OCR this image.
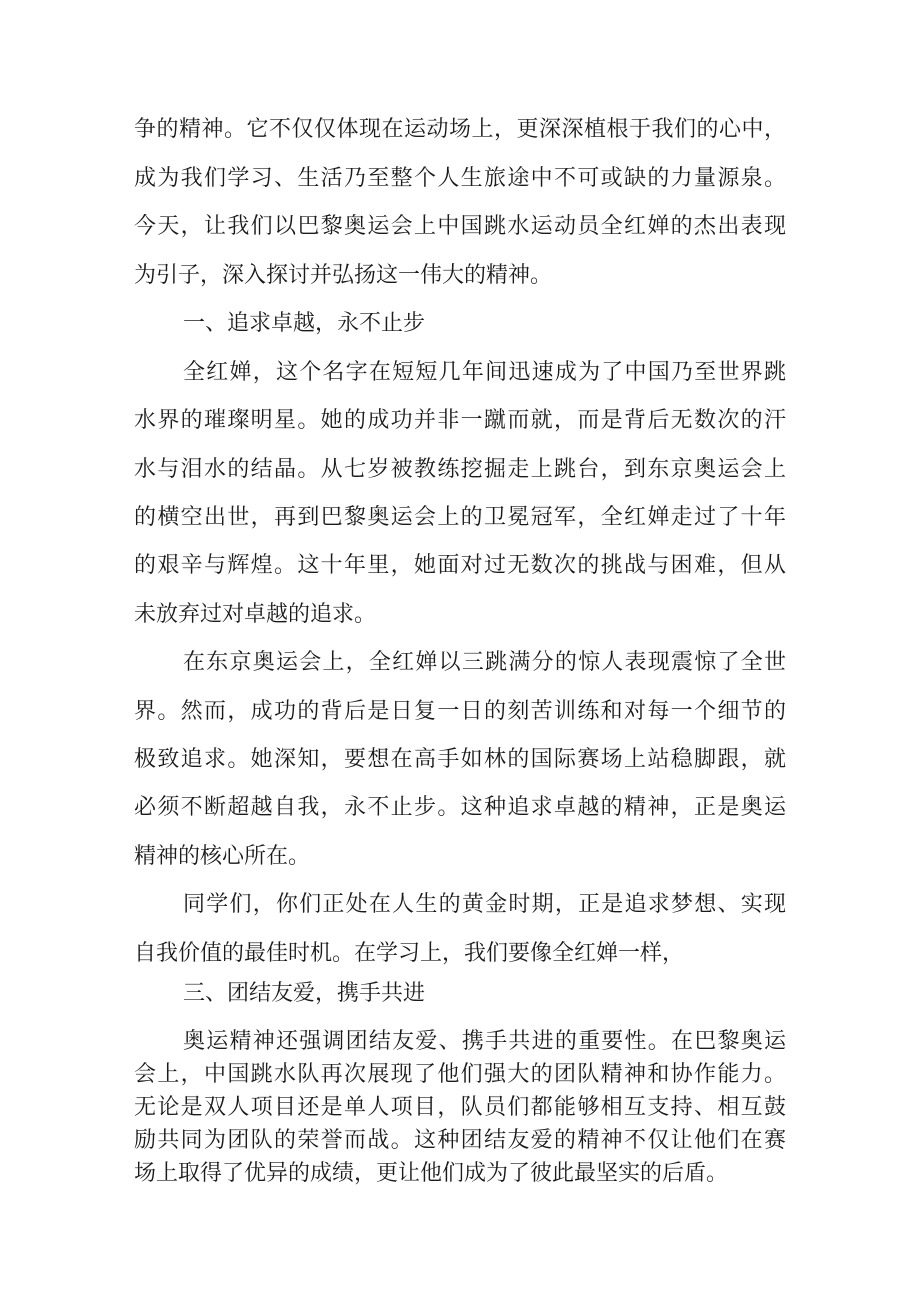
争的精神。它不仅仅体现在运动场上，更深深植根于我们的心中，
成为我们学习、生活乃至整个人生旅途中不可或缺的力量源泉。
今天，让我们以巴黎奥运会上中国跳水运动员全红婵的杰出表现
为引子，深入探讨并弘扬这一伟大的精神。
一、追求卓越，永不止步
全红婵，这个名字在短短几年间迅速成为了中国乃至世界跳
水界的璀璨明星。她的成功并非一蹴而就，而是背后无数次的汗
水与泪水的结晶。从七岁被教练挖掘走上跳台，到东京奥运会上
的横空出世，再到巴黎奥运会上的卫冕冠军，全红婵走过了十年
的艰辛与辉煌。这十年里，她面对过无数次的挑战与困难，但从
未放弃过对卓越的追求。
在东京奥运会上，全红婵以三跳满分的惊人表现震惊了全世
界。然而，成功的背后是日复一日的刻苦训练和对每一个细节的
极致追求。她深知，要想在高手如林的国际赛场上站稳脚跟，就
必须不断超越自我，永不止步。这种追求卓越的精神，正是奥运
精神的核心所在。
同学们，你们正处在人生的黄金时期，正是追求梦想、实现
自我价值的最佳时机。在学习上，我们要像全红婵一样，
三、团结友爱，携手共进
奥运精神还强调团结友爱、携手共进的重要性。在巴黎奥运
会上，中国跳水队再次展现了他们强大的团队精神和协作能力。
无论是双人项目还是单人项目，队员们都能够相互支持、相互鼓
励共同为团队的荣誉而战。这种团结友爱的精神不仅让他们在赛
场上取得了优异的成绩，更让他们成为了彼此最坚实的后盾。
